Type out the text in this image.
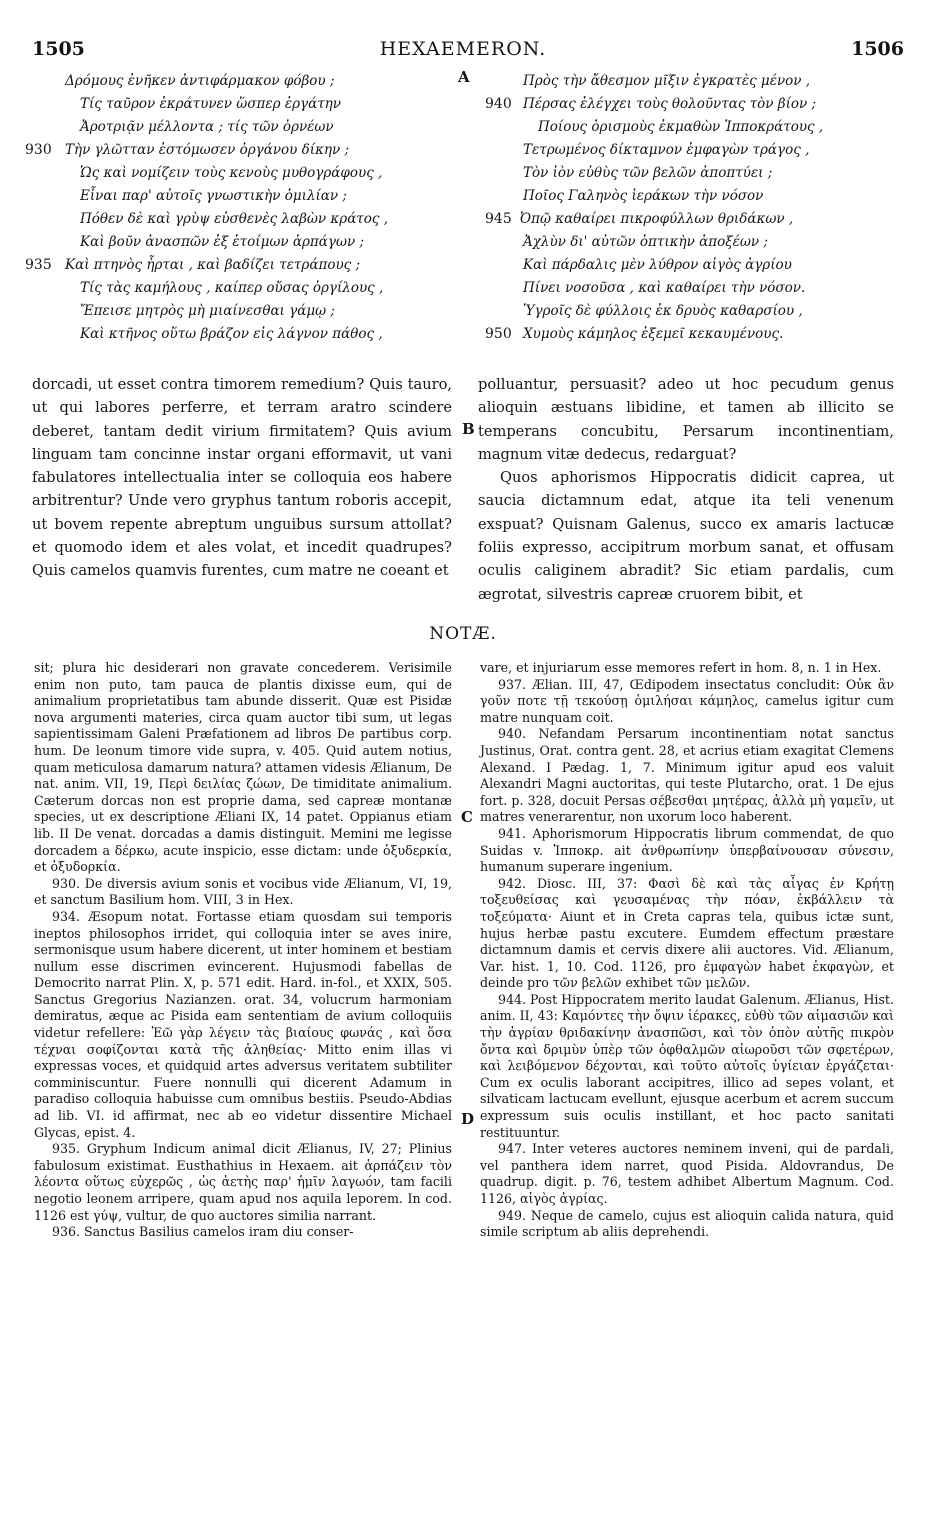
1505	HEXAEMERON.	1506
Δρόμους ἐνῆκεν ἀντιφάρμακον φόβου ;
Τίς ταῦρον ἐκράτυνεν ὥσπερ ἐργάτην
Ἀροτριᾷν μέλλοντα ; τίς τῶν ὀρνέων
930 Τὴν γλῶτταν ἐστόμωσεν ὀργάνου δίκην ;
Ὡς καὶ νομίζειν τοὺς κενοὺς μυθογράφους ,
Εἶναι παρ' αὐτοῖς γνωστικὴν ὁμιλίαν ;
Πόθεν δὲ καὶ γρὺψ εὐσθενὲς λαβὼν κράτος ,
Καὶ βοῦν ἀνασπῶν ἐξ ἑτοίμων ἁρπάγων ;
935 Καὶ πτηνὸς ἦρται , καὶ βαδίζει τετράπους ;
Τίς τὰς καμήλους , καίπερ οὔσας ὀργίλους ,
Ἔπεισε μητρὸς μὴ μιαίνεσθαι γάμῳ ;
Καὶ κτῆνος οὕτω βράζον εἰς λάγνον πάθος ,
A	Πρὸς τὴν ἄθεσμον μῖξιν ἐγκρατὲς μένον ,
940 Πέρσας ἐλέγχει τοὺς θολοῦντας τὸν βίον ;
Ποίους ὁρισμοὺς ἐκμαθὼν Ἱπποκράτους ,
Τετρωμένος δίκταμνον ἐμφαγὼν τράγος ,
Τὸν ἰὸν εὐθὺς τῶν βελῶν ἀποπτύει ;
Ποῖος Γαληνὸς ἱεράκων τὴν νόσον
945 Ὀπῷ καθαίρει πικροφύλλων θριδάκων ,
Ἀχλὺν δι' αὐτῶν ὀπτικὴν ἀποξέων ;
Καὶ πάρδαλις μὲν λύθρον αἰγὸς ἀγρίου
Πίνει νοσοῦσα , καὶ καθαίρει τὴν νόσον.
Ὑγροῖς δὲ φύλλοις ἐκ δρυὸς καθαρσίου ,
950 Χυμοὺς κάμηλος ἐξεμεῖ κεκαυμένους.

dorcadi, ut esset contra timorem remedium? Quis tauro, ut qui labores perferre, et terram aratro scindere deberet, tantam dedit virium firmitatem? Quis avium linguam tam concinne instar organi efformavit, ut vani fabulatores intellectualia inter se colloquia eos habere arbitrentur? Unde vero gryphus tantum roboris accepit, ut bovem repente abreptum unguibus sursum attollat? et quomodo idem et ales volat, et incedit quadrupes? Quis camelos quamvis furentes, cum matre ne coeant et

B

polluantur, persuasit? adeo ut hoc pecudum genus alioquin æstuans libidine, et tamen ab illicito se temperans concubitu, Persarum incontinentiam, magnum vitæ dedecus, redarguat?

Quos aphorismos Hippocratis didicit caprea, ut saucia dictamnum edat, atque ita teli venenum exspuat? Quisnam Galenus, succo ex amaris lactucæ foliis expresso, accipitrum morbum sanat, et offusam oculis caliginem abradit? Sic etiam pardalis, cum ægrotat, silvestris capreæ cruorem bibit, et

NOTÆ.
C
D

sit; plura hic desiderari non gravate concederem. Verisimile enim non puto, tam pauca de plantis dixisse eum, qui de animalium proprietatibus tam abunde disserit. Quæ est Pisidæ nova argumenti materies, circa quam auctor tibi sum, ut legas sapientissimam Galeni Præfationem ad libros De partibus corp. hum. De leonum timore vide supra, v. 405. Quid autem notius, quam meticulosa damarum natura? attamen videsis Ælianum, De nat. anim. VII, 19, Περὶ δειλίας ζώων, De timiditate animalium. Cæterum dorcas non est proprie dama, sed capreæ montanæ species, ut ex descriptione Æliani IX, 14 patet. Oppianus etiam lib. II De venat. dorcadas a damis distinguit. Memini me legisse dorcadem a δέρκω, acute inspicio, esse dictam: unde ὀξυδερκία, et ὀξυδορκία.

930. De diversis avium sonis et vocibus vide Ælianum, VI, 19, et sanctum Basilium hom. VIII, 3 in Hex.

934. Æsopum notat. Fortasse etiam quosdam sui temporis ineptos philosophos irridet, qui colloquia inter se aves inire, sermonisque usum habere dicerent, ut inter hominem et bestiam nullum esse discrimen evincerent. Hujusmodi fabellas de Democrito narrat Plin. X, p. 571 edit. Hard. in-fol., et XXIX, 505. Sanctus Gregorius Nazianzen. orat. 34, volucrum harmoniam demiratus, æque ac Pisida eam sententiam de avium colloquiis videtur refellere: Ἐῶ γὰρ λέγειν τὰς βιαίους φωνάς , καὶ ὅσα τέχναι σοφίζονται κατὰ τῆς ἀληθείας· Mitto enim illas vi expressas voces, et quidquid artes adversus veritatem subtiliter comminiscuntur. Fuere nonnulli qui dicerent Adamum in paradiso colloquia habuisse cum omnibus bestiis. Pseudo-Abdias ad lib. VI. id affirmat, nec ab eo videtur dissentire Michael Glycas, epist. 4.

935. Gryphum Indicum animal dicit Ælianus, IV, 27; Plinius fabulosum existimat. Eusthathius in Hexaem. ait ἁρπάζειν τὸν λέοντα οὕτως εὐχερῶς , ὡς ἀετὴς παρ' ἡμῖν λαγωόν, tam facili negotio leonem arripere, quam apud nos aquila leporem. In cod. 1126 est γύψ, vultur, de quo auctores similia narrant.

936. Sanctus Basilius camelos iram diu conser-

vare, et injuriarum esse memores refert in hom. 8, n. 1 in Hex.

937. Ælian. III, 47, Œdipodem insectatus concludit: Οὐκ ἂν γοῦν ποτε τῇ τεκούσῃ ὁμιλήσαι κάμηλος, camelus igitur cum matre nunquam coit.

940. Nefandam Persarum incontinentiam notat sanctus Justinus, Orat. contra gent. 28, et acrius etiam exagitat Clemens Alexand. I Pædag. 1, 7. Minimum igitur apud eos valuit Alexandri Magni auctoritas, qui teste Plutarcho, orat. 1 De ejus fort. p. 328, docuit Persas σέβεσθαι μητέρας, ἀλλὰ μὴ γαμεῖν, ut matres venerarentur, non uxorum loco haberent.

941. Aphorismorum Hippocratis librum commendat, de quo Suidas v. Ἱπποκρ. ait ἀνθρωπίνην ὑπερβαίνουσαν σύνεσιν, humanum superare ingenium.

942. Diosc. III, 37: Φασὶ δὲ καὶ τὰς αἶγας ἐν Κρήτῃ τοξευθείσας καὶ γευσαμένας τὴν πόαν, ἐκβάλλειν τὰ τοξεύματα· Aiunt et in Creta capras tela, quibus ictæ sunt, hujus herbæ pastu excutere. Eumdem effectum præstare dictamnum damis et cervis dixere alii auctores. Vid. Ælianum, Var. hist. 1, 10. Cod. 1126, pro ἐμφαγὼν habet ἐκφαγὼν, et deinde pro τῶν βελῶν exhibet τῶν μελῶν.

944. Post Hippocratem merito laudat Galenum. Ælianus, Hist. anim. II, 43: Καμόντες τὴν ὄψιν ἱέρακες, εὐθὺ τῶν αἱμασιῶν καὶ τὴν ἀγρίαν θριδακίνην ἀνασπῶσι, καὶ τὸν ὀπὸν αὐτῆς πικρὸν ὄντα καὶ δριμὺν ὑπὲρ τῶν ὀφθαλμῶν αἰωροῦσι τῶν σφετέρων, καὶ λειβόμενον δέχονται, καὶ τοῦτο αὐτοῖς ὑγίειαν ἐργάζεται· Cum ex oculis laborant accipitres, illico ad sepes volant, et silvaticam lactucam evellunt, ejusque acerbum et acrem succum expressum suis oculis instillant, et hoc pacto sanitati restituuntur.

947. Inter veteres auctores neminem inveni, qui de pardali, vel panthera idem narret, quod Pisida. Aldovrandus, De quadrup. digit. p. 76, testem adhibet Albertum Magnum. Cod. 1126, αἰγὸς ἀγρίας.

949. Neque de camelo, cujus est alioquin calida natura, quid simile scriptum ab aliis deprehendi.
